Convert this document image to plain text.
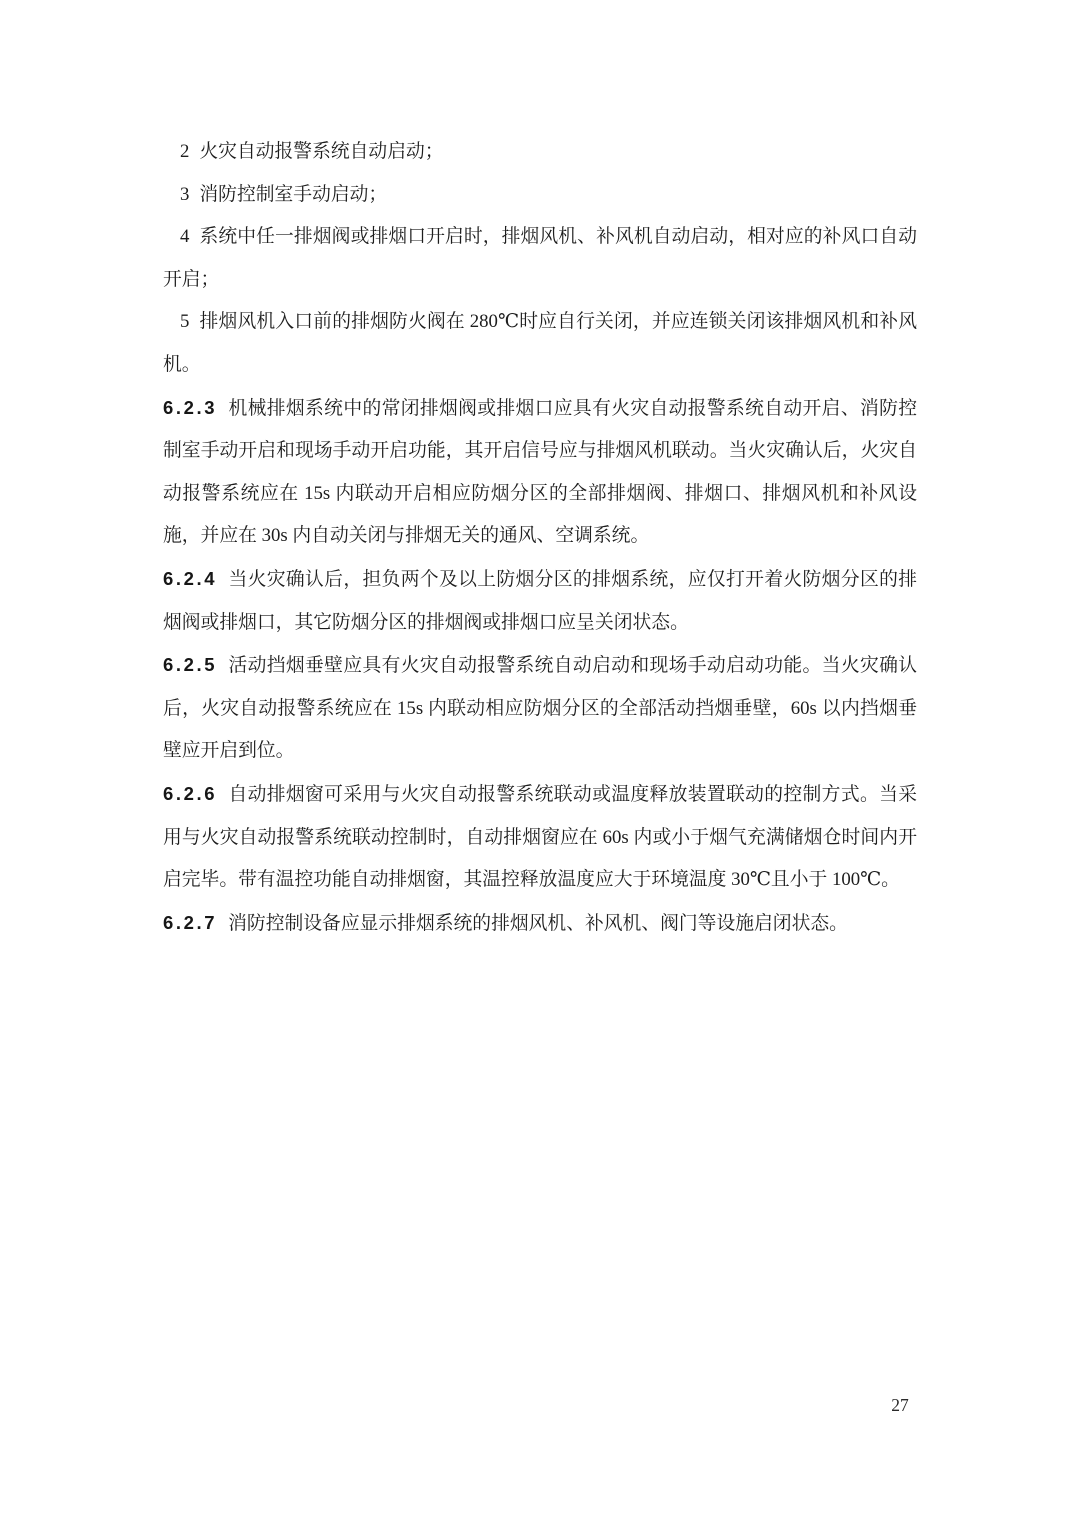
2 火灾自动报警系统自动启动；

3 消防控制室手动启动；

4 系统中任一排烟阀或排烟口开启时，排烟风机、补风机自动启动，相对应的补风口自动开启；

5 排烟风机入口前的排烟防火阀在 280℃时应自行关闭，并应连锁关闭该排烟风机和补风机。

6.2.3 机械排烟系统中的常闭排烟阀或排烟口应具有火灾自动报警系统自动开启、消防控制室手动开启和现场手动开启功能，其开启信号应与排烟风机联动。当火灾确认后，火灾自动报警系统应在 15s 内联动开启相应防烟分区的全部排烟阀、排烟口、排烟风机和补风设施，并应在 30s 内自动关闭与排烟无关的通风、空调系统。

6.2.4 当火灾确认后，担负两个及以上防烟分区的排烟系统，应仅打开着火防烟分区的排烟阀或排烟口，其它防烟分区的排烟阀或排烟口应呈关闭状态。

6.2.5 活动挡烟垂壁应具有火灾自动报警系统自动启动和现场手动启动功能。当火灾确认后，火灾自动报警系统应在 15s 内联动相应防烟分区的全部活动挡烟垂壁，60s 以内挡烟垂壁应开启到位。

6.2.6 自动排烟窗可采用与火灾自动报警系统联动或温度释放装置联动的控制方式。当采用与火灾自动报警系统联动控制时，自动排烟窗应在 60s 内或小于烟气充满储烟仓时间内开启完毕。带有温控功能自动排烟窗，其温控释放温度应大于环境温度 30℃且小于 100℃。

6.2.7 消防控制设备应显示排烟系统的排烟风机、补风机、阀门等设施启闭状态。

27
